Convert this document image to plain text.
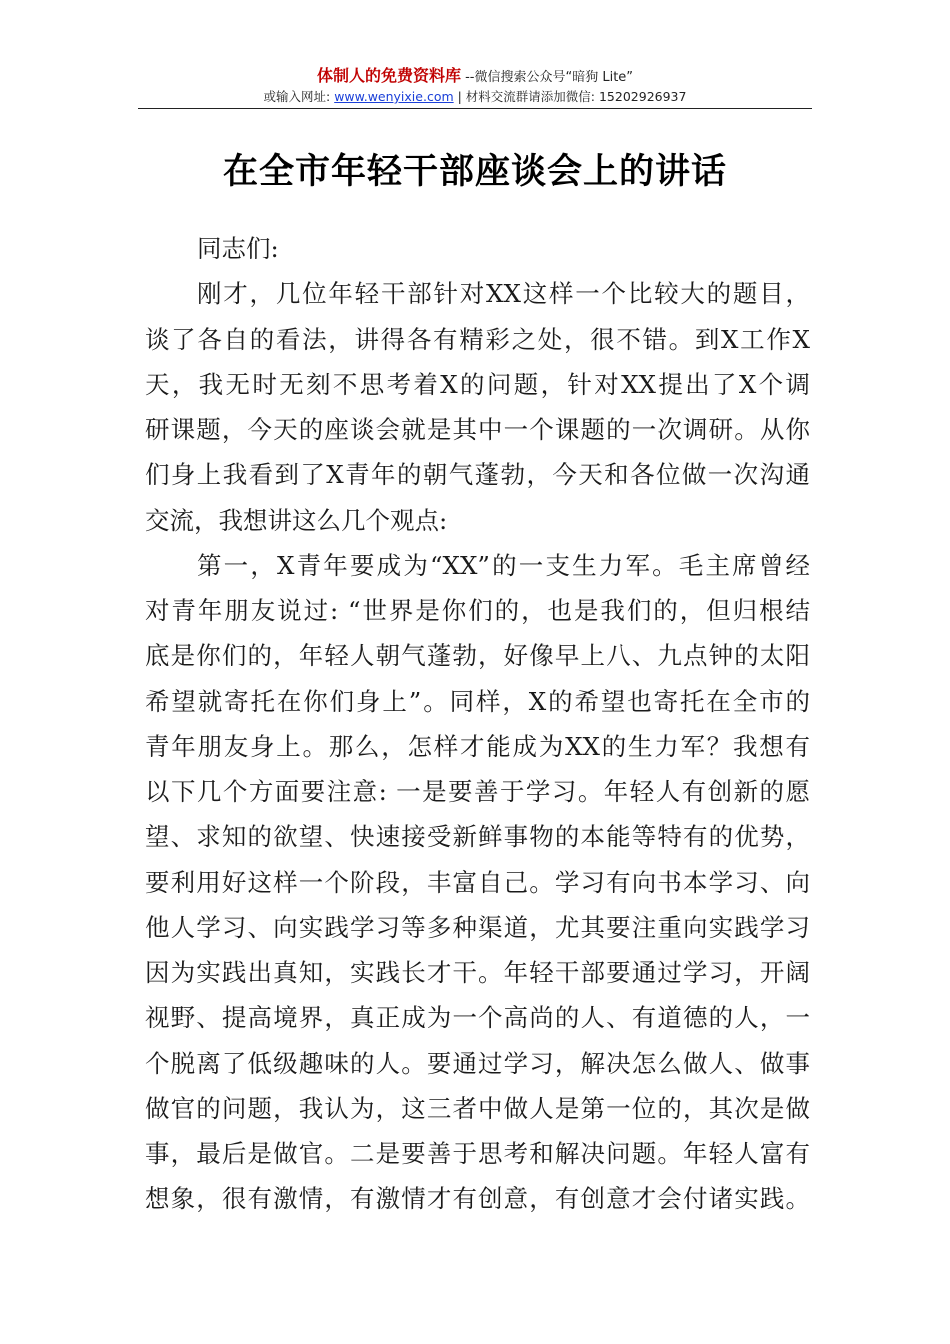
体制人的免费资料库 --微信搜索公众号“暗狗 Lite”
或输入网址: www.wenyixie.com | 材料交流群请添加微信: 15202926937
在全市年轻干部座谈会上的讲话
同志们:
刚才，几位年轻干部针对XX这样一个比较大的题目，
谈了各自的看法，讲得各有精彩之处，很不错。到X工作X
天，我无时无刻不思考着X的问题，针对XX提出了X个调
研课题，今天的座谈会就是其中一个课题的一次调研。从你
们身上我看到了X青年的朝气蓬勃，今天和各位做一次沟通
交流，我想讲这么几个观点:
第一，X青年要成为“XX”的一支生力军。毛主席曾经
对青年朋友说过: “世界是你们的，也是我们的，但归根结
底是你们的，年轻人朝气蓬勃，好像早上八、九点钟的太阳
希望就寄托在你们身上”。同样，X的希望也寄托在全市的
青年朋友身上。那么，怎样才能成为XX的生力军？我想有
以下几个方面要注意: 一是要善于学习。年轻人有创新的愿
望、求知的欲望、快速接受新鲜事物的本能等特有的优势，
要利用好这样一个阶段，丰富自己。学习有向书本学习、向
他人学习、向实践学习等多种渠道，尤其要注重向实践学习
因为实践出真知，实践长才干。年轻干部要通过学习，开阔
视野、提高境界，真正成为一个高尚的人、有道德的人，一
个脱离了低级趣味的人。要通过学习，解决怎么做人、做事
做官的问题，我认为，这三者中做人是第一位的，其次是做
事，最后是做官。二是要善于思考和解决问题。年轻人富有
想象，很有激情，有激情才有创意，有创意才会付诸实践。
